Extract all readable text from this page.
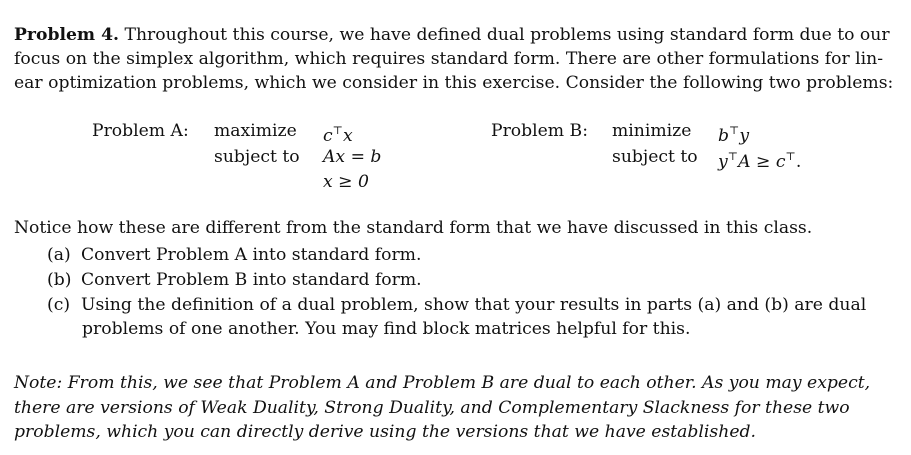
Problem 4. Throughout this course, we have defined dual problems using standard form due to our
focus on the simplex algorithm, which requires standard form. There are other formulations for lin-
ear optimization problems, which we consider in this exercise. Consider the following two problems:
Problem A: maximize c⊤x
subject to Ax = b
x ≥ 0
Problem B: minimize b⊤y
subject to y⊤A ≥ c⊤.
Notice how these are different from the standard form that we have discussed in this class.
(a) Convert Problem A into standard form.
(b) Convert Problem B into standard form.
(c) Using the definition of a dual problem, show that your results in parts (a) and (b) are dual
problems of one another. You may find block matrices helpful for this.
Note: From this, we see that Problem A and Problem B are dual to each other. As you may expect,
there are versions of Weak Duality, Strong Duality, and Complementary Slackness for these two
problems, which you can directly derive using the versions that we have established.
